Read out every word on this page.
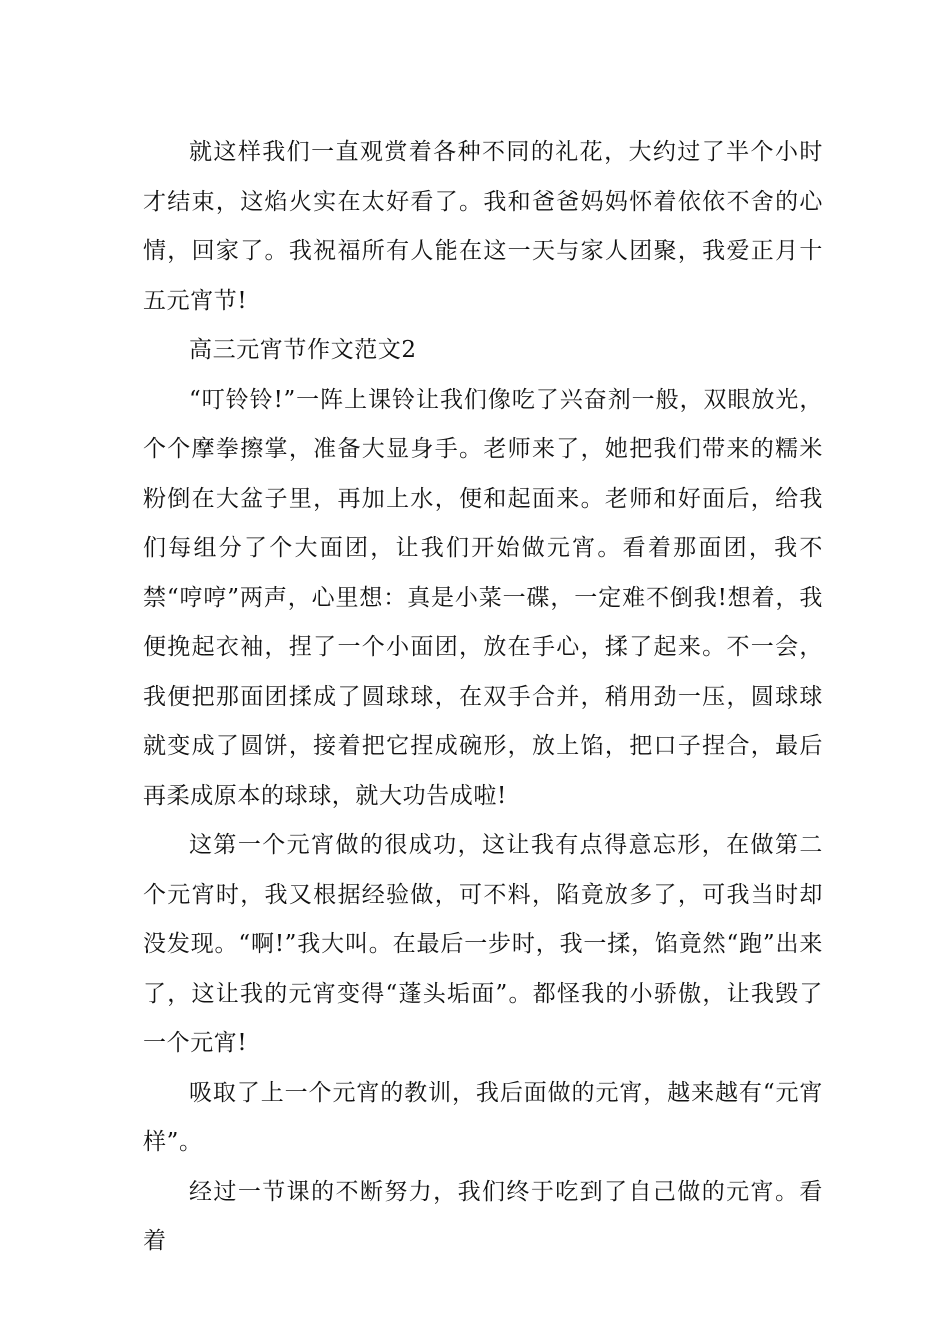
就这样我们一直观赏着各种不同的礼花，大约过了半个小时才结束，这焰火实在太好看了。我和爸爸妈妈怀着依依不舍的心情，回家了。我祝福所有人能在这一天与家人团聚，我爱正月十五元宵节!

高三元宵节作文范文2

“叮铃铃!”一阵上课铃让我们像吃了兴奋剂一般，双眼放光，个个摩拳擦掌，准备大显身手。老师来了，她把我们带来的糯米粉倒在大盆子里，再加上水，便和起面来。老师和好面后，给我们每组分了个大面团，让我们开始做元宵。看着那面团，我不禁“哼哼”两声，心里想：真是小菜一碟，一定难不倒我!想着，我便挽起衣袖，捏了一个小面团，放在手心，揉了起来。不一会，我便把那面团揉成了圆球球，在双手合并，稍用劲一压，圆球球就变成了圆饼，接着把它捏成碗形，放上馅，把口子捏合，最后再柔成原本的球球，就大功告成啦!

这第一个元宵做的很成功，这让我有点得意忘形，在做第二个元宵时，我又根据经验做，可不料，陷竟放多了，可我当时却没发现。“啊!”我大叫。在最后一步时，我一揉，馅竟然“跑”出来了，这让我的元宵变得“蓬头垢面”。都怪我的小骄傲，让我毁了一个元宵!

吸取了上一个元宵的教训，我后面做的元宵，越来越有“元宵样”。

经过一节课的不断努力，我们终于吃到了自己做的元宵。看着
